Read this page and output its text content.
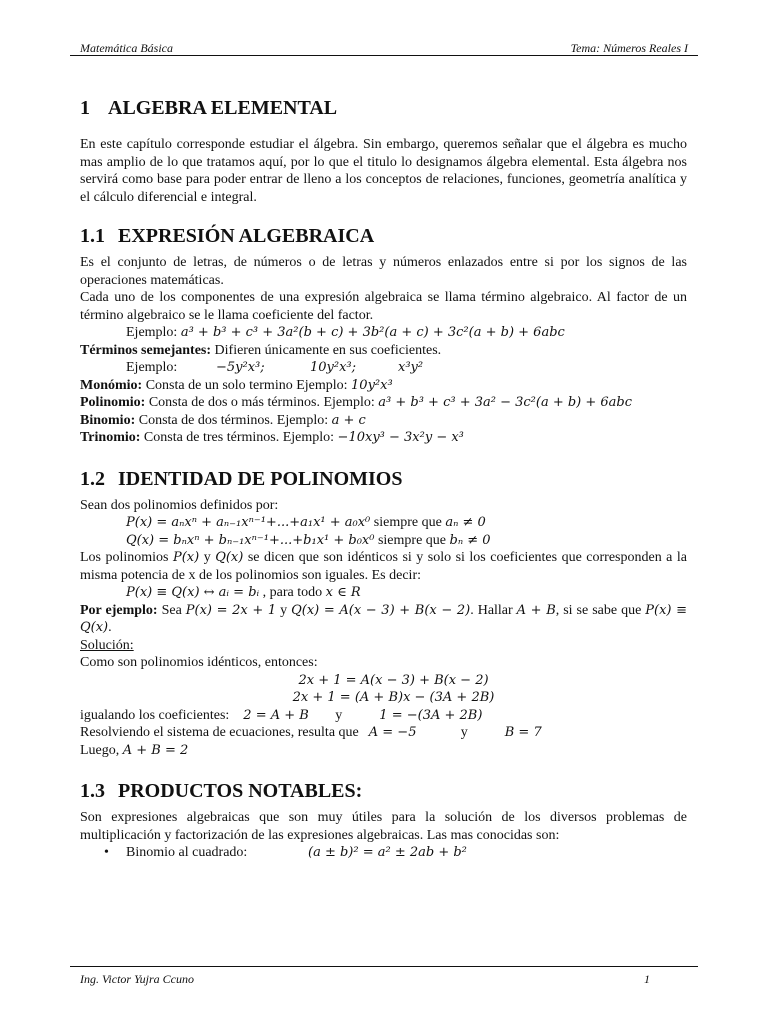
Matemática Básica	Tema: Números Reales I
1 ALGEBRA ELEMENTAL

En este capítulo corresponde estudiar el álgebra. Sin embargo, queremos señalar que el álgebra es mucho mas amplio de lo que tratamos aquí, por lo que el titulo lo designamos álgebra elemental. Esta álgebra nos servirá como base para poder entrar de lleno a los conceptos de relaciones, funciones, geometría analítica y el cálculo diferencial e integral.

1.1 EXPRESIÓN ALGEBRAICA

Es el conjunto de letras, de números o de letras y números enlazados entre si por los signos de las operaciones matemáticas.

Cada uno de los componentes de una expresión algebraica se llama término algebraico. Al factor de un término algebraico se le llama coeficiente del factor.

Ejemplo: a³ + b³ + c³ + 3a²(b + c) + 3b²(a + c) + 3c²(a + b) + 6abc

Términos semejantes: Difieren únicamente en sus coeficientes.

Ejemplo:	−5y²x³;	10y²x³;	x³y²

Monómio: Consta de un solo termino Ejemplo: 10y²x³

Polinomio: Consta de dos o más términos. Ejemplo: a³ + b³ + c³ + 3a² − 3c²(a + b) + 6abc

Binomio: Consta de dos términos. Ejemplo: a + c

Trinomio: Consta de tres términos. Ejemplo: −10xy³ − 3x²y − x³

1.2 IDENTIDAD DE POLINOMIOS

Sean dos polinomios definidos por:

P(x) = aₙxⁿ + aₙ₋₁xⁿ⁻¹+...+a₁x¹ + a₀x⁰ siempre que aₙ ≠ 0

Q(x) = bₙxⁿ + bₙ₋₁xⁿ⁻¹+...+b₁x¹ + b₀x⁰ siempre que bₙ ≠ 0

Los polinomios P(x) y Q(x) se dicen que son idénticos si y solo si los coeficientes que corresponden a la misma potencia de x de los polinomios son iguales. Es decir:

P(x) ≡ Q(x) ↔ aᵢ = bᵢ , para todo x ∈ R

Por ejemplo: Sea P(x) = 2x + 1 y Q(x) = A(x − 3) + B(x − 2). Hallar A + B, si se sabe que P(x) ≡ Q(x).

Solución:

Como son polinomios idénticos, entonces:

2x + 1 = A(x − 3) + B(x − 2)

2x + 1 = (A + B)x − (3A + 2B)

igualando los coeficientes: 2 = A + B y	1 = −(3A + 2B)

Resolviendo el sistema de ecuaciones, resulta que A = −5	y	B = 7

Luego, A + B = 2

1.3 PRODUCTOS NOTABLES:

Son expresiones algebraicas que son muy útiles para la solución de los diversos problemas de multiplicación y factorización de las expresiones algebraicas. Las mas conocidas son:

•	Binomio al cuadrado:	(a ± b)² = a² ± 2ab + b²
Ing. Victor Yujra Ccuno	1
